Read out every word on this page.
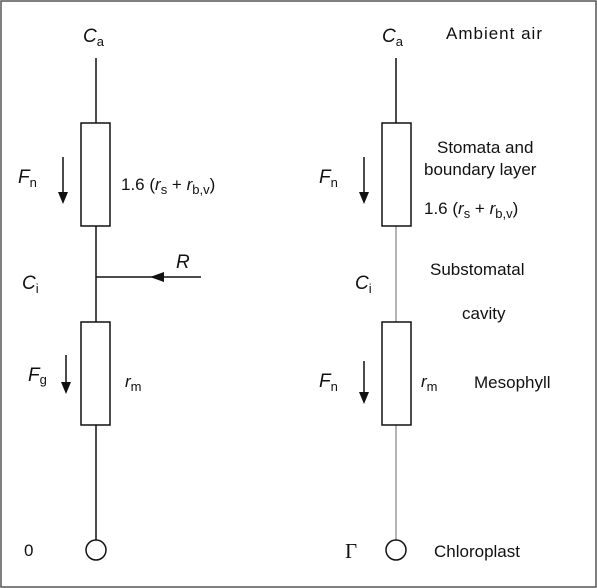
$C_a$
$F_n$	1.6 $(r_s + r_{b,v})$
$C_i$
R
Fg	$r_m$
0
$C_a$	Ambient air
Stomata and
boundary layer
$F_n$
1.6 $(r_s + r_{b,v})$
$C_i$
Substomatal
cavity
$F_n$	$r_m$ Mesophyll
Γ	Chloroplast
